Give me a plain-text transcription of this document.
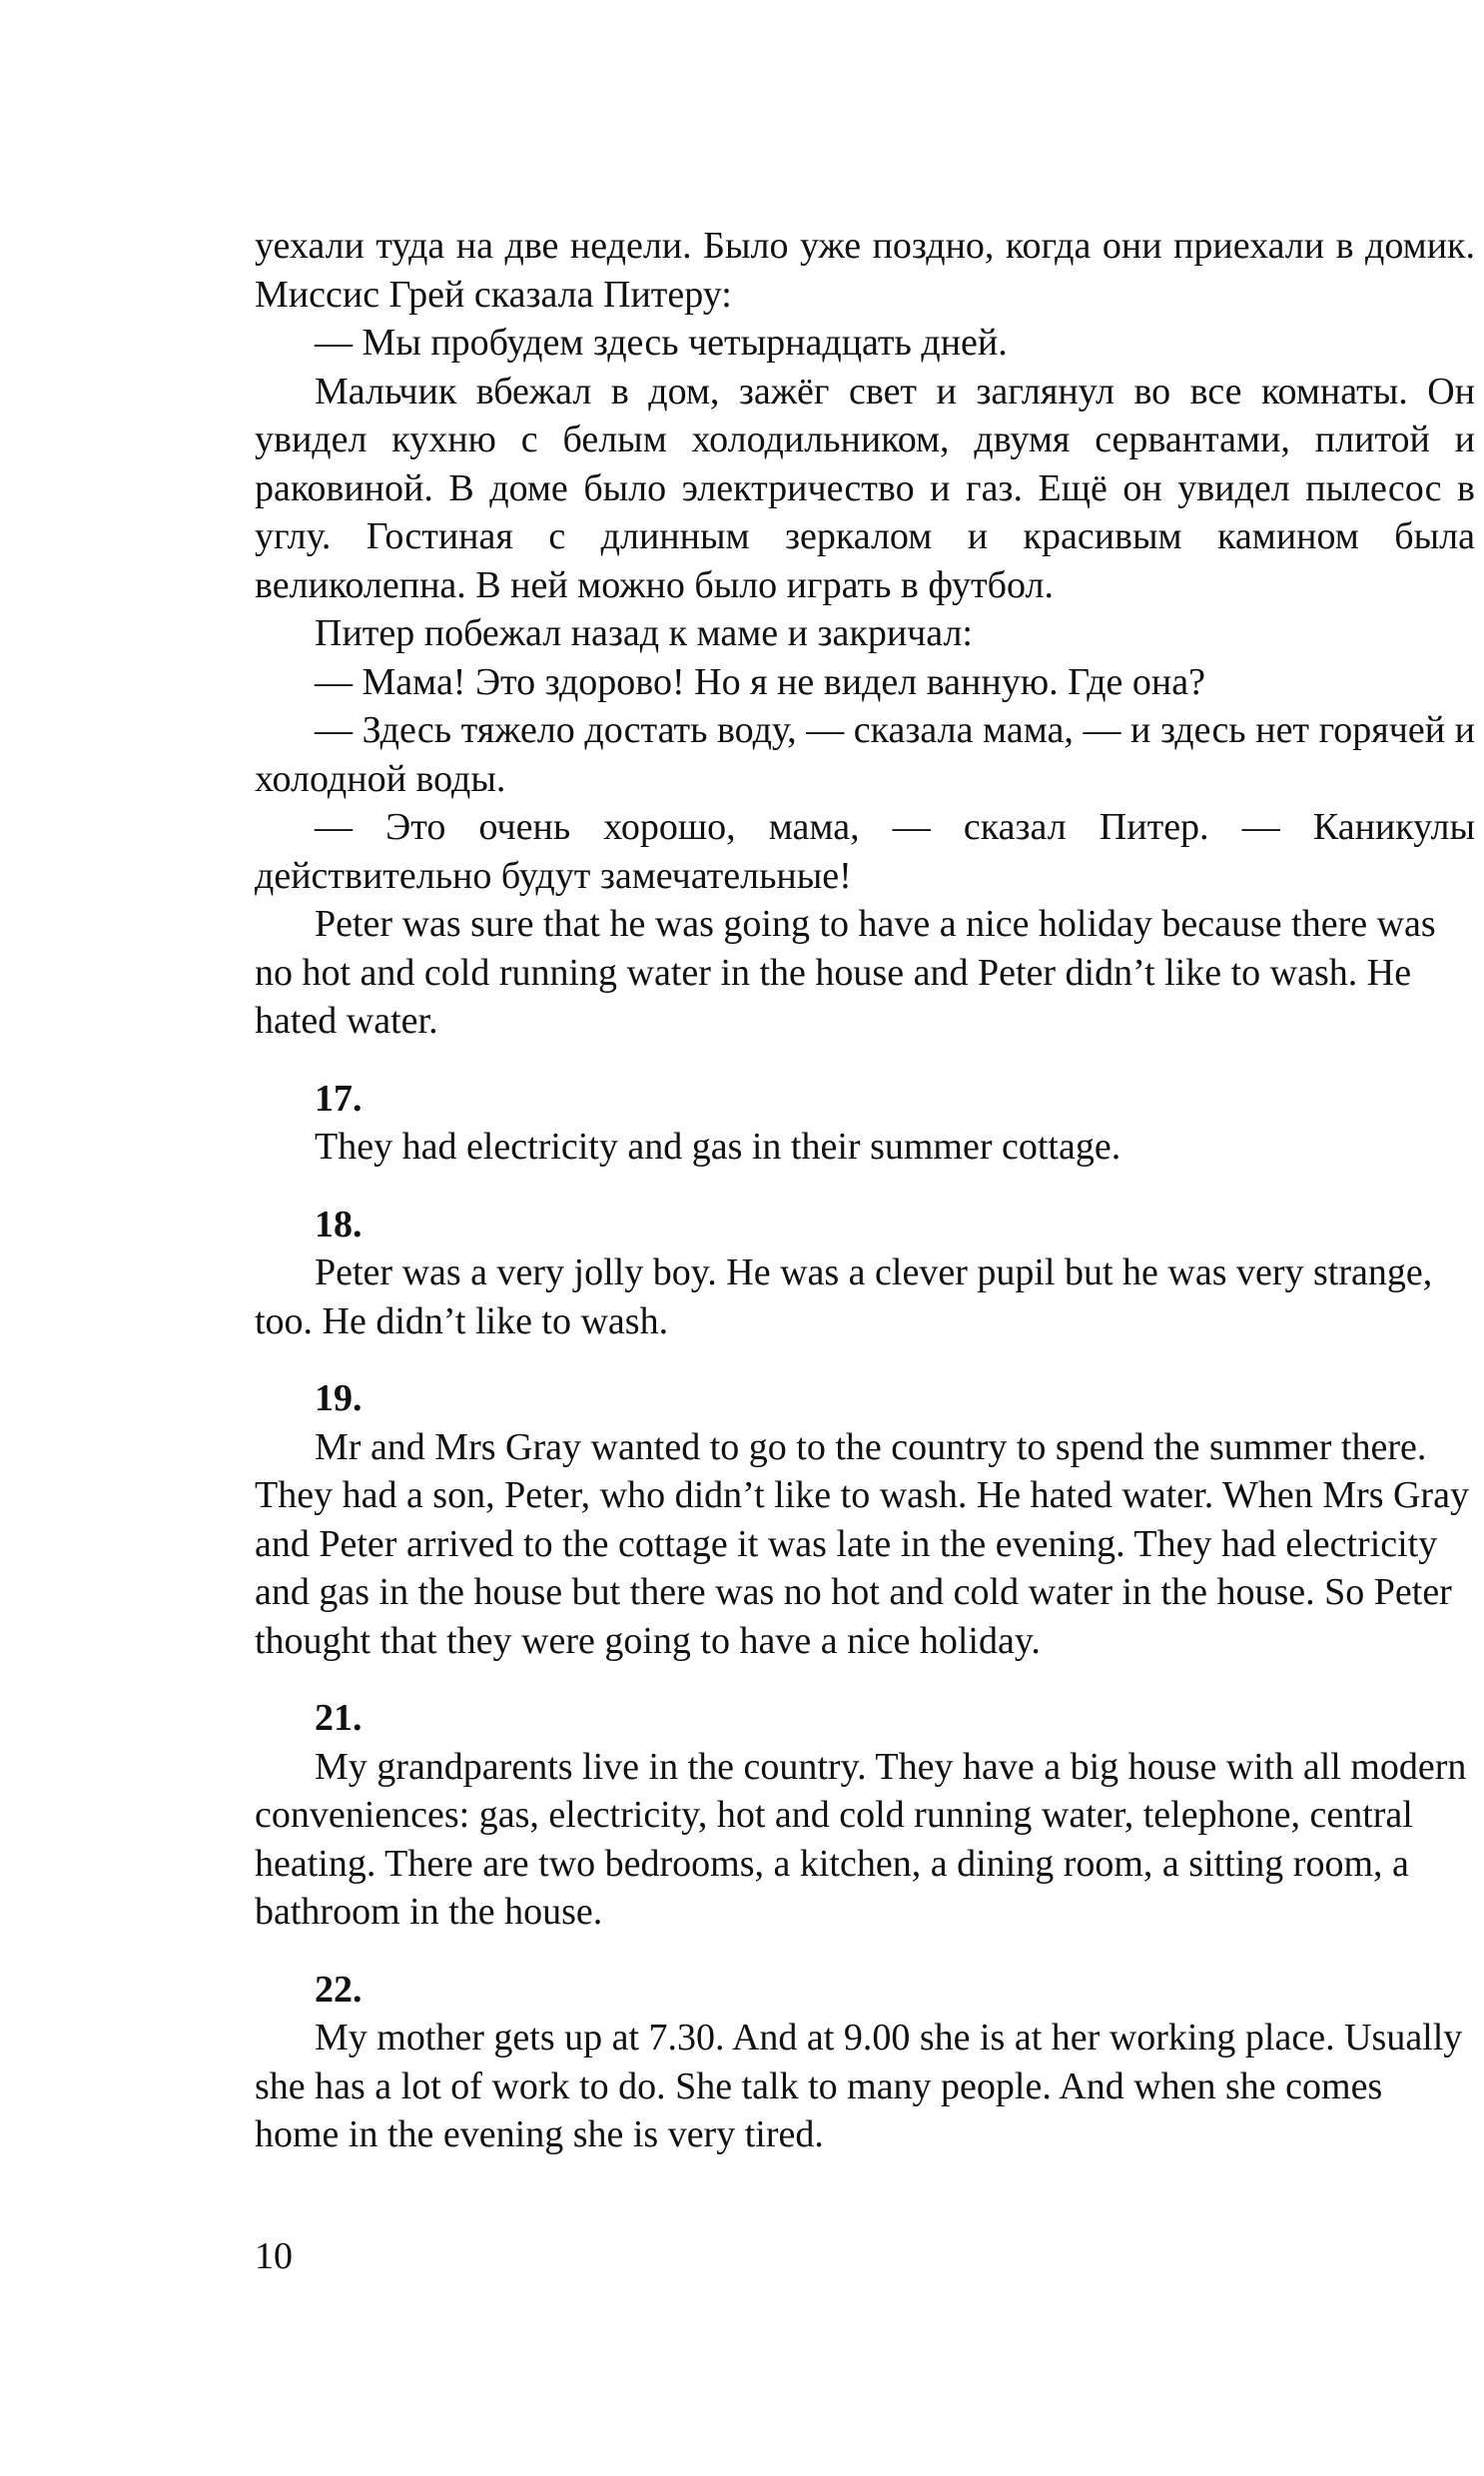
уехали туда на две недели. Было уже поздно, когда они приехали в домик. Миссис Грей сказала Питеру:

— Мы пробудем здесь четырнадцать дней.

Мальчик вбежал в дом, зажёг свет и заглянул во все комнаты. Он увидел кухню с белым холодильником, двумя сервантами, плитой и раковиной. В доме было электричество и газ. Ещё он увидел пылесос в углу. Гостиная с длинным зеркалом и красивым камином была великолепна. В ней можно было играть в футбол.

Питер побежал назад к маме и закричал:

— Мама! Это здорово! Но я не видел ванную. Где она?

— Здесь тяжело достать воду, — сказала мама, — и здесь нет горячей и холодной воды.

— Это очень хорошо, мама, — сказал Питер. — Каникулы действительно будут замечательные!

Peter was sure that he was going to have a nice holiday because there was no hot and cold running water in the house and Peter didn’t like to wash. He hated water.

17.

They had electricity and gas in their summer cottage.

18.

Peter was a very jolly boy. He was a clever pupil but he was very strange, too. He didn’t like to wash.

19.

Mr and Mrs Gray wanted to go to the country to spend the summer there. They had a son, Peter, who didn’t like to wash. He hated water. When Mrs Gray and Peter arrived to the cottage it was late in the evening. They had electricity and gas in the house but there was no hot and cold water in the house. So Peter thought that they were going to have a nice holiday.

21.

My grandparents live in the country. They have a big house with all modern conveniences: gas, electricity, hot and cold running water, telephone, central heating. There are two bedrooms, a kitchen, a dining room, a sitting room, a bathroom in the house.

22.

My mother gets up at 7.30. And at 9.00 she is at her working place. Usually she has a lot of work to do. She talk to many people. And when she comes home in the evening she is very tired.

10
